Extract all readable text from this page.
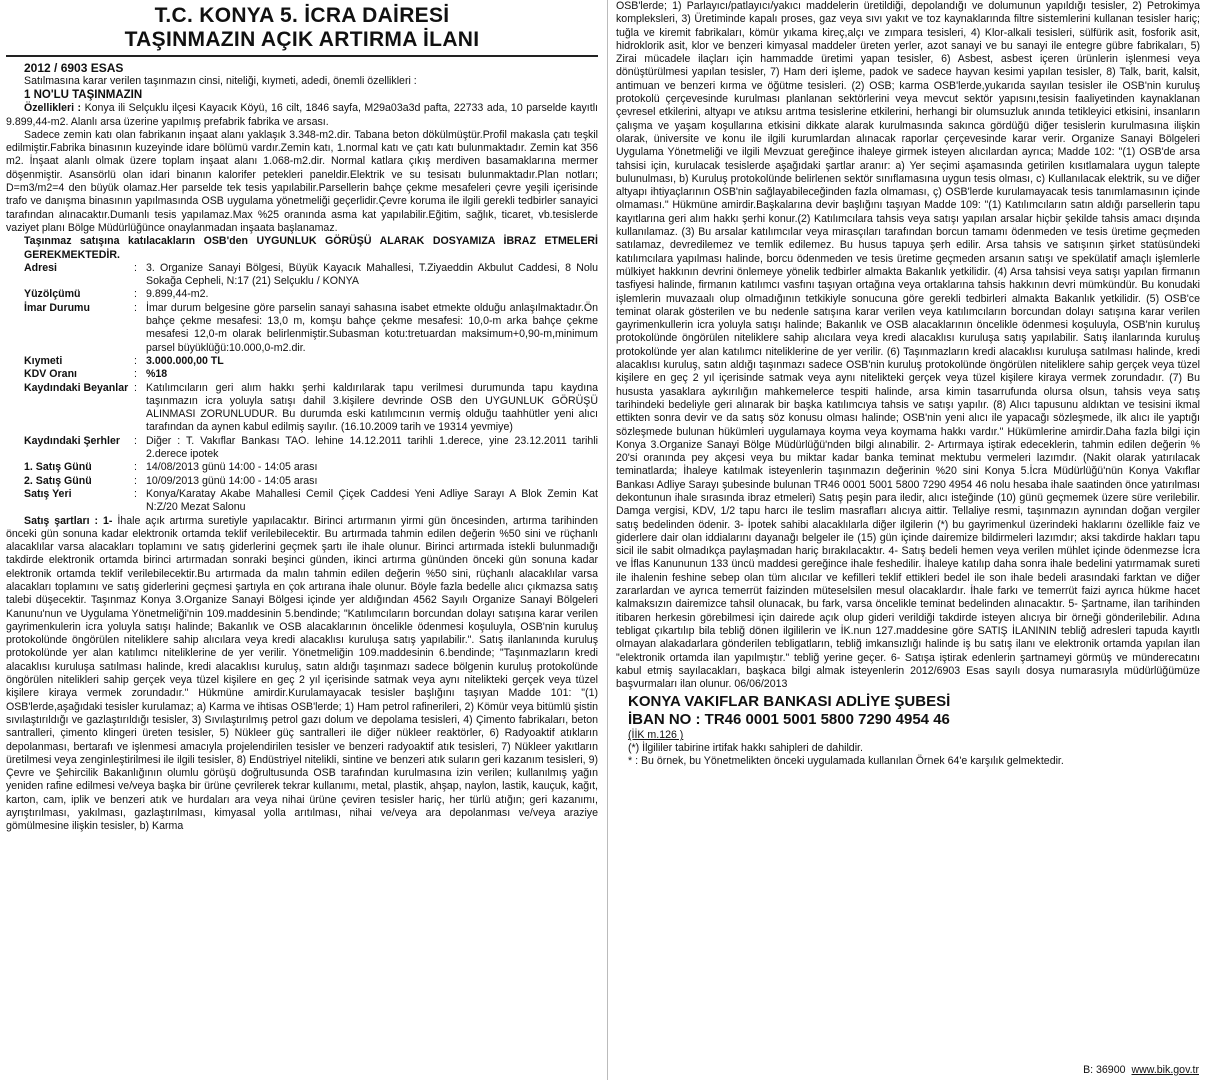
T.C. KONYA 5. İCRA DAİRESİ
TAŞINMAZIN AÇIK ARTIRMA İLANI

2012 / 6903 ESAS

Satılmasına karar verilen taşınmazın cinsi, niteliği, kıymeti, adedi, önemli özellikleri :

1 NO'LU TAŞINMAZIN

Özellikleri : Konya ili Selçuklu ilçesi Kayacık Köyü, 16 cilt, 1846 sayfa, M29a03a3d pafta, 22733 ada, 10 parselde kayıtlı 9.899,44-m2. Alanlı arsa üzerine yapılmış prefabrik fabrika ve arsası.

Sadece zemin katı olan fabrikanın inşaat alanı yaklaşık 3.348-m2.dir. Tabana beton dökülmüştür.Profil makasla çatı teşkil edilmiştir.Fabrika binasının kuzeyinde idare bölümü vardır.Zemin katı, 1.normal katı ve çatı katı bulunmaktadır. Zemin kat 356 m2. İnşaat alanlı olmak üzere toplam inşaat alanı 1.068-m2.dir. Normal katlara çıkış merdiven basamaklarına mermer döşenmiştir. Asansörlü olan idari binanın kalorifer petekleri paneldir.Elektrik ve su tesisatı bulunmaktadır.Plan notları; D=m3/m2=4 den büyük olamaz.Her parselde tek tesis yapılabilir.Parsellerin bahçe çekme mesafeleri çevre yeşili içerisinde trafo ve danışma binasının yapılmasında OSB uygulama yönetmeliği geçerlidir.Çevre koruma ile ilgili gerekli tedbirler sanayici tarafından alınacaktır.Dumanlı tesis yapılamaz.Max %25 oranında asma kat yapılabilir.Eğitim, sağlık, ticaret, vb.tesislerde vaziyet planı Bölge Müdürlüğünce onaylanmadan inşaata başlanamaz.

Taşınmaz satışına katılacakların OSB'den UYGUNLUK GÖRÜŞÜ ALARAK DOSYAMIZA İBRAZ ETMELERİ GEREKMEKTEDİR.

Adresi	: 3. Organize Sanayi Bölgesi, Büyük Kayacık Mahallesi, T.Ziyaeddin Akbulut Caddesi, 8 Nolu Sokağa Cepheli, N:17 (21) Selçuklu / KONYA
Yüzölçümü	: 9.899,44-m2.
İmar Durumu	: İmar durum belgesine göre parselin sanayi sahasına isabet etmekte olduğu anlaşılmaktadır.Ön bahçe çekme mesafesi: 13,0 m, komşu bahçe çekme mesafesi: 10,0-m arka bahçe çekme mesafesi 12,0-m olarak belirlenmiştir.Subasman kotu:tretuardan maksimum+0,90-m,minimum parsel büyüklüğü:10.000,0-m2.dir.
Kıymeti	: 3.000.000,00 TL
KDV Oranı	: %18
Kaydındaki Beyanlar : Katılımcıların geri alım hakkı şerhi kaldırılarak tapu verilmesi durumunda tapu kaydına taşınmazın icra yoluyla satışı dahil 3.kişilere devrinde OSB den UYGUNLUK GÖRÜŞÜ ALINMASI ZORUNLUDUR. Bu durumda eski katılımcının vermiş olduğu taahhütler yeni alıcı tarafından da aynen kabul edilmiş sayılır. (16.10.2009 tarih ve 19314 yevmiye)
Kaydındaki Şerhler	: Diğer : T. Vakıflar Bankası TAO. lehine 14.12.2011 tarihli 1.derece, yine 23.12.2011 tarihli 2.derece ipotek
1. Satış Günü	: 14/08/2013 günü 14:00 - 14:05 arası
2. Satış Günü	: 10/09/2013 günü 14:00 - 14:05 arası
Satış Yeri	: Konya/Karatay Akabe Mahallesi Cemil Çiçek Caddesi Yeni Adliye Sarayı A Blok Zemin Kat N:Z/20 Mezat Salonu

Satış şartları : 1- İhale açık artırma suretiyle yapılacaktır. Birinci artırmanın yirmi gün öncesinden, artırma tarihinden önceki gün sonuna kadar elektronik ortamda teklif verilebilecektir. Bu artırmada tahmin edilen değerin %50 sini ve rüçhanlı alacaklılar varsa alacakları toplamını ve satış giderlerini geçmek şartı ile ihale olunur. Birinci artırmada istekli bulunmadığı takdirde elektronik ortamda birinci artırmadan sonraki beşinci günden, ikinci artırma gününden önceki gün sonuna kadar elektronik ortamda teklif verilebilecektir.Bu artırmada da malın tahmin edilen değerin %50 sini, rüçhanlı alacaklılar varsa alacakları toplamını ve satış giderlerini geçmesi şartıyla en çok artırana ihale olunur. Böyle fazla bedelle alıcı çıkmazsa satış talebi düşecektir. Taşınmaz Konya 3.Organize Sanayi Bölgesi içinde yer aldığından 4562 Sayılı Organize Sanayi Bölgeleri Kanunu'nun ve Uygulama Yönetmeliği'nin 109.maddesinin 5.bendinde; "Katılımcıların borcundan dolayı satışına karar verilen gayrimenkulerin icra yoluyla satışı halinde; Bakanlık ve OSB alacaklarının öncelikle ödenmesi koşuluyla, OSB'nin kuruluş protokolünde öngörülen niteliklere sahip alıcılara veya kredi alacaklısı kuruluşa satış yapılabilir.". Satış ilanlanında kuruluş protokolünde yer alan katılımcı niteliklerine de yer verilir. Yönetmeliğin 109.maddesinin 6.bendinde; "Taşınmazların kredi alacaklısı kuruluşa satılması halinde, kredi alacaklısı kuruluş, satın aldığı taşınmazı sadece bölgenin kuruluş protokolünde öngörülen nitelikleri sahip gerçek veya tüzel kişilere en geç 2 yıl içerisinde satmak veya aynı nitelikteki gerçek veya tüzel kişilere kiraya vermek zorundadır." Hükmüne amirdir.Kurulamayacak tesisler başlığını taşıyan Madde 101: "(1) OSB'lerde,aşağıdaki tesisler kurulamaz; a) Karma ve ihtisas OSB'lerde; 1) Ham petrol rafinerileri, 2) Kömür veya bitümlü şistin sıvılaştırıldığı ve gazlaştırıldığı tesisler, 3) Sıvılaştırılmış petrol gazı dolum ve depolama tesisleri, 4) Çimento fabrikaları, beton santralleri, çimento klingeri üreten tesisler, 5) Nükleer güç santralleri ile diğer nükleer reaktörler, 6) Radyoaktif atıkların depolanması, bertarafı ve işlenmesi amacıyla projelendirilen tesisler ve benzeri radyoaktif atık tesisleri, 7) Nükleer yakıtların üretilmesi veya zenginleştirilmesi ile ilgili tesisler, 8) Endüstriyel nitelikli, sintine ve benzeri atık suların geri kazanım tesisleri, 9) Çevre ve Şehircilik Bakanlığının olumlu görüşü doğrultusunda OSB tarafından kurulmasına izin verilen; kullanılmış yağın yeniden rafine edilmesi ve/veya başka bir ürüne çevrilerek tekrar kullanımı, metal, plastik, ahşap, naylon, lastik, kauçuk, kağıt, karton, cam, iplik ve benzeri atık ve hurdaları ara veya nihai ürüne çeviren tesisler hariç, her türlü atığın; geri kazanımı, ayrıştırılması, yakılması, gazlaştırılması, kimyasal yolla arıtılması, nihai ve/veya ara depolanması ve/veya araziye gömülmesine ilişkin tesisler, b) Karma

OSB'lerde; 1) Parlayıcı/patlayıcı/yakıcı maddelerin üretildiği, depolandığı ve dolumunun yapıldığı tesisler, 2) Petrokimya kompleksleri, 3) Üretiminde kapalı proses, gaz veya sıvı yakıt ve toz kaynaklarında filtre sistemlerini kullanan tesisler hariç; tuğla ve kiremit fabrikaları, kömür yıkama kireç,alçı ve zımpara tesisleri, 4) Klor-alkali tesisleri, sülfürik asit, fosforik asit, hidroklorik asit, klor ve benzeri kimyasal maddeler üreten yerler, azot sanayi ve bu sanayi ile entegre gübre fabrikaları, 5) Zirai mücadele ilaçları için hammadde üretimi yapan tesisler, 6) Asbest, asbest içeren ürünlerin işlenmesi veya dönüştürülmesi yapılan tesisler, 7) Ham deri işleme, padok ve sadece hayvan kesimi yapılan tesisler, 8) Talk, barit, kalsit, antimuan ve benzeri kırma ve öğütme tesisleri. (2) OSB; karma OSB'lerde,yukarıda sayılan tesisler ile OSB'nin kuruluş protokolü çerçevesinde kurulması planlanan sektörlerini veya mevcut sektör yapısını,tesisin faaliyetinden kaynaklanan çevresel etkilerini, altyapı ve atıksu arıtma tesislerine etkilerini, herhangi bir olumsuzluk anında tetikleyici etkisini, insanların çalışma ve yaşam koşullarına etkisini dikkate alarak kurulmasında sakınca gördüğü diğer tesislerin kurulmasına ilişkin olarak, üniversite ve konu ile ilgili kurumlardan alınacak raporlar çerçevesinde karar verir. Organize Sanayi Bölgeleri Uygulama Yönetmeliği ve ilgili Mevzuat gereğince ihaleye girmek isteyen alıcılardan ayrıca; Madde 102: "(1) OSB'de arsa tahsisi için, kurulacak tesislerde aşağıdaki şartlar aranır: a) Yer seçimi aşamasında getirilen kısıtlamalara uygun talepte bulunulması, b) Kuruluş protokolünde belirlenen sektör sınıflamasına uygun tesis olması, c) Kullanılacak elektrik, su ve diğer altyapı ihtiyaçlarının OSB'nin sağlayabileceğinden fazla olmaması, ç) OSB'lerde kurulamayacak tesis tanımlamasının içinde olmaması." Hükmüne amirdir.Başkalarına devir başlığını taşıyan Madde 109: "(1) Katılımcıların satın aldığı parsellerin tapu kayıtlarına geri alım hakkı şerhi konur.(2) Katılımcılara tahsis veya satışı yapılan arsalar hiçbir şekilde tahsis amacı dışında kullanılamaz. (3) Bu arsalar katılımcılar veya mirasçıları tarafından borcun tamamı ödenmeden ve tesis üretime geçmeden satılamaz, devredilemez ve temlik edilemez. Bu husus tapuya şerh edilir. Arsa tahsis ve satışının şirket statüsündeki katılımcılara yapılması halinde, borcu ödenmeden ve tesis üretime geçmeden arsanın satışı ve spekülatif amaçlı işlemlerle mülkiyet hakkının devrini önlemeye yönelik tedbirler almakta Bakanlık yetkilidir. (4) Arsa tahsisi veya satışı yapılan firmanın tasfiyesi halinde, firmanın katılımcı vasfını taşıyan ortağına veya ortaklarına tahsis hakkının devri mümkündür. Bu konudaki işlemlerin muvazaalı olup olmadığının tetkikiyle sonucuna göre gerekli tedbirleri almakta Bakanlık yetkilidir. (5) OSB'ce teminat olarak gösterilen ve bu nedenle satışına karar verilen veya katılımcıların borcundan dolayı satışına karar verilen gayrimenkullerin icra yoluyla satışı halinde; Bakanlık ve OSB alacaklarının öncelikle ödenmesi koşuluyla, OSB'nin kuruluş protokolünde öngörülen niteliklere sahip alıcılara veya kredi alacaklısı kuruluşa satış yapılabilir. Satış ilanlarında kuruluş protokolünde yer alan katılımcı niteliklerine de yer verilir. (6) Taşınmazların kredi alacaklısı kuruluşa satılması halinde, kredi alacaklısı kuruluş, satın aldığı taşınmazı sadece OSB'nin kuruluş protokolünde öngörülen niteliklere sahip gerçek veya tüzel kişilere en geç 2 yıl içerisinde satmak veya aynı nitelikteki gerçek veya tüzel kişilere kiraya vermek zorundadır. (7) Bu hususta yasaklara aykırılığın mahkemelerce tespiti halinde, arsa kimin tasarrufunda olursa olsun, tahsis veya satış tarihindeki bedeliyle geri alınarak bir başka katılımcıya tahsis ve satışı yapılır. (8) Alıcı tapusunu aldıktan ve tesisini ikmal ettikten sonra devir ve da satış söz konusu olması halinde; OSB'nin yeni alıcı ile yapacağı sözleşmede, ilk alıcı ile yaptığı sözleşmede bulunan hükümleri uygulamaya koyma veya koymama hakkı vardır." Hükümlerine amirdir.Daha fazla bilgi için Konya 3.Organize Sanayi Bölge Müdürlüğü'nden bilgi alınabilir. 2- Artırmaya iştirak edeceklerin, tahmin edilen değerin % 20'si oranında pey akçesi veya bu miktar kadar banka teminat mektubu vermeleri lazımdır. (Nakit olarak yatırılacak teminatlarda; İhaleye katılmak isteyenlerin taşınmazın değerinin %20 sini Konya 5.İcra Müdürlüğü'nün Konya Vakıflar Bankası Adliye Sarayı şubesinde bulunan TR46 0001 5001 5800 7290 4954 46 nolu hesaba ihale saatinden önce yatırılması dekontunun ihale sırasında ibraz etmeleri) Satış peşin para iledir, alıcı isteğinde (10) günü geçmemek üzere süre verilebilir. Damga vergisi, KDV, 1/2 tapu harcı ile teslim masrafları alıcıya aittir. Tellaliye resmi, taşınmazın aynından doğan vergiler satış bedelinden ödenir. 3- İpotek sahibi alacaklılarla diğer ilgilerin (*) bu gayrimenkul üzerindeki haklarını özellikle faiz ve giderlere dair olan iddialarını dayanağı belgeler ile (15) gün içinde dairemize bildirmeleri lazımdır; aksi takdirde hakları tapu sicil ile sabit olmadıkça paylaşmadan hariç bırakılacaktır. 4- Satış bedeli hemen veya verilen mühlet içinde ödenmezse İcra ve İflas Kanununun 133 üncü maddesi gereğince ihale feshedilir. İhaleye katılıp daha sonra ihale bedelini yatırmamak sureti ile ihalenin feshine sebep olan tüm alıcılar ve kefilleri teklif ettikleri bedel ile son ihale bedeli arasındaki farktan ve diğer zararlardan ve ayrıca temerrüt faizinden müteselsilen mesul olacaklardır. İhale farkı ve temerrüt faizi ayrıca hükme hacet kalmaksızın dairemizce tahsil olunacak, bu fark, varsa öncelikle teminat bedelinden alınacaktır. 5- Şartname, ilan tarihinden itibaren herkesin görebilmesi için dairede açık olup gideri verildiği takdirde isteyen alıcıya bir örneği gönderilebilir. Adına tebligat çıkartılıp bila tebliğ dönen ilgililerin ve İK.nun 127.maddesine göre SATIŞ İLANININ tebliğ adresleri tapuda kayıtlı olmayan alakadarlara gönderilen tebligatların, tebliğ imkansızlığı halinde iş bu satış ilanı ve elektronik ortamda yapılan ilan "elektronik ortamda ilan yapılmıştır." tebliğ yerine geçer. 6- Satışa iştirak edenlerin şartnameyi görmüş ve münderecatını kabul etmiş sayılacakları, başkaca bilgi almak isteyenlerin 2012/6903 Esas sayılı dosya numarasıyla müdürlüğümüze başvurmaları ilan olunur. 06/06/2013

KONYA VAKIFLAR BANKASI ADLİYE ŞUBESİ
İBAN NO : TR46 0001 5001 5800 7290 4954 46
(İİK m.126 )
(*) İlgililer tabirine irtifak hakkı sahipleri de dahildir.
* : Bu örnek, bu Yönetmelikten önceki uygulamada kullanılan Örnek 64'e karşılık gelmektedir.
B: 36900 www.bik.gov.tr
